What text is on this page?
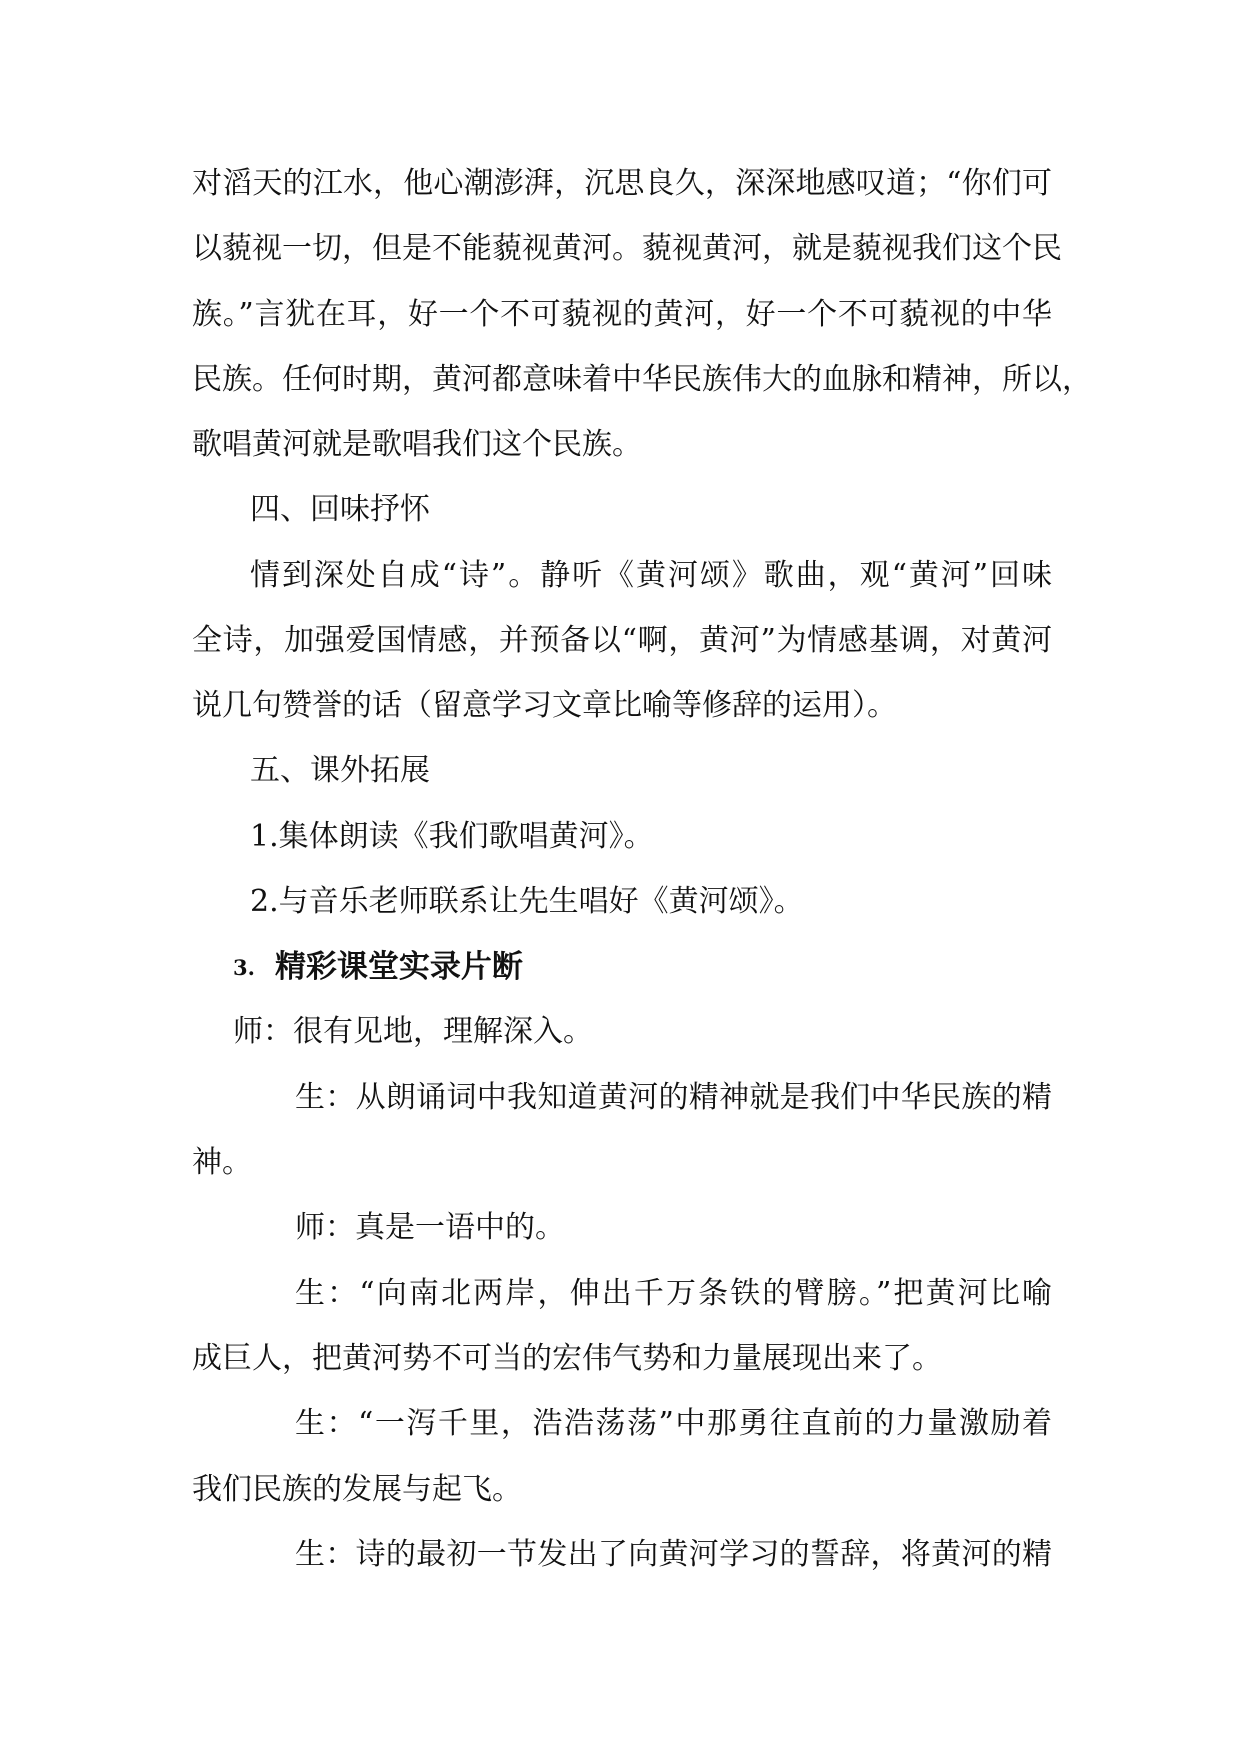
对滔天的江水，他心潮澎湃，沉思良久，深深地感叹道；“你们可
以藐视一切，但是不能藐视黄河。藐视黄河，就是藐视我们这个民
族。”言犹在耳，好一个不可藐视的黄河，好一个不可藐视的中华
民族。任何时期，黄河都意味着中华民族伟大的血脉和精神，所以，
歌唱黄河就是歌唱我们这个民族。
四、回味抒怀
情到深处自成“诗”。静听《黄河颂》歌曲，观“黄河”回味
全诗，加强爱国情感，并预备以“啊，黄河”为情感基调，对黄河
说几句赞誉的话（留意学习文章比喻等修辞的运用）。
五、课外拓展
1.集体朗读《我们歌唱黄河》。
2.与音乐老师联系让先生唱好《黄河颂》。
3. 精彩课堂实录片断
师：很有见地，理解深入。
生：从朗诵词中我知道黄河的精神就是我们中华民族的精
神。
师：真是一语中的。
生：“向南北两岸，伸出千万条铁的臂膀。”把黄河比喻
成巨人，把黄河势不可当的宏伟气势和力量展现出来了。
生：“一泻千里，浩浩荡荡”中那勇往直前的力量激励着
我们民族的发展与起飞。
生：诗的最初一节发出了向黄河学习的誓辞，将黄河的精
